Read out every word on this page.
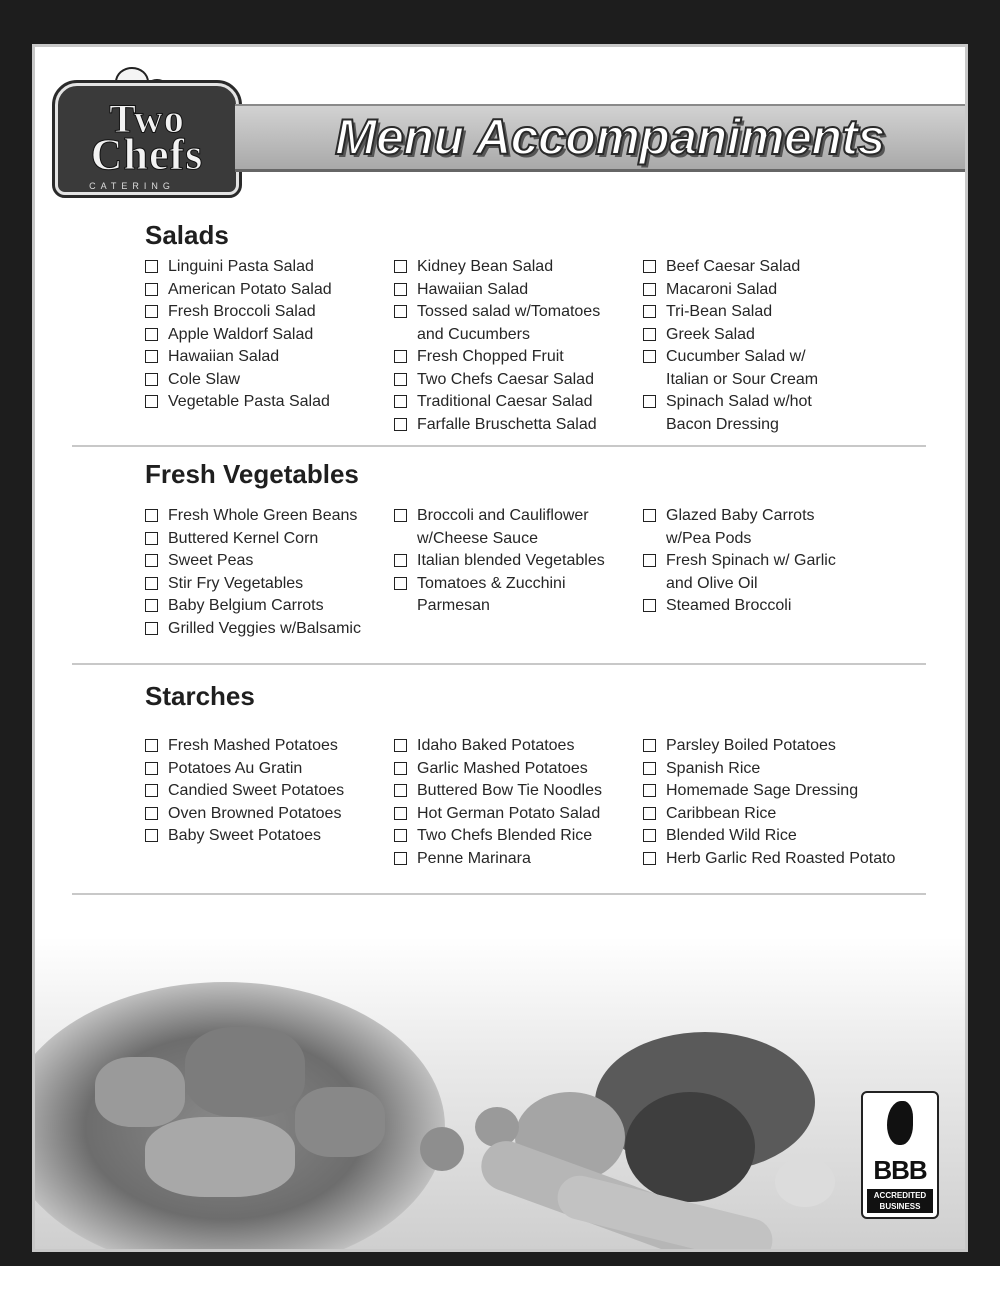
Two
Chefs
CATERING
Menu Accompaniments
Salads
Linguini Pasta Salad
American Potato Salad
Fresh Broccoli Salad
Apple Waldorf Salad
Hawaiian Salad
Cole Slaw
Vegetable Pasta Salad
Kidney Bean Salad
Hawaiian Salad
Tossed salad w/Tomatoes
and Cucumbers
Fresh Chopped Fruit
Two Chefs Caesar Salad
Traditional Caesar Salad
Farfalle Bruschetta Salad
Beef Caesar Salad
Macaroni Salad
Tri-Bean Salad
Greek Salad
Cucumber Salad w/
Italian or Sour Cream
Spinach Salad w/hot
Bacon Dressing
Fresh Vegetables
Fresh Whole Green Beans
Buttered Kernel Corn
Sweet Peas
Stir Fry Vegetables
Baby Belgium Carrots
Grilled Veggies w/Balsamic
Broccoli and Cauliflower
w/Cheese Sauce
Italian blended Vegetables
Tomatoes & Zucchini
Parmesan
Glazed Baby Carrots
w/Pea Pods
Fresh Spinach w/ Garlic
and Olive Oil
Steamed Broccoli
Starches
Fresh Mashed Potatoes
Potatoes Au Gratin
Candied Sweet Potatoes
Oven Browned Potatoes
Baby Sweet Potatoes
Idaho Baked Potatoes
Garlic Mashed Potatoes
Buttered Bow Tie Noodles
Hot German Potato Salad
Two Chefs Blended Rice
Penne Marinara
Parsley Boiled Potatoes
Spanish Rice
Homemade Sage Dressing
Caribbean Rice
Blended Wild Rice
Herb Garlic Red Roasted Potato
BBB
ACCREDITED
BUSINESS
